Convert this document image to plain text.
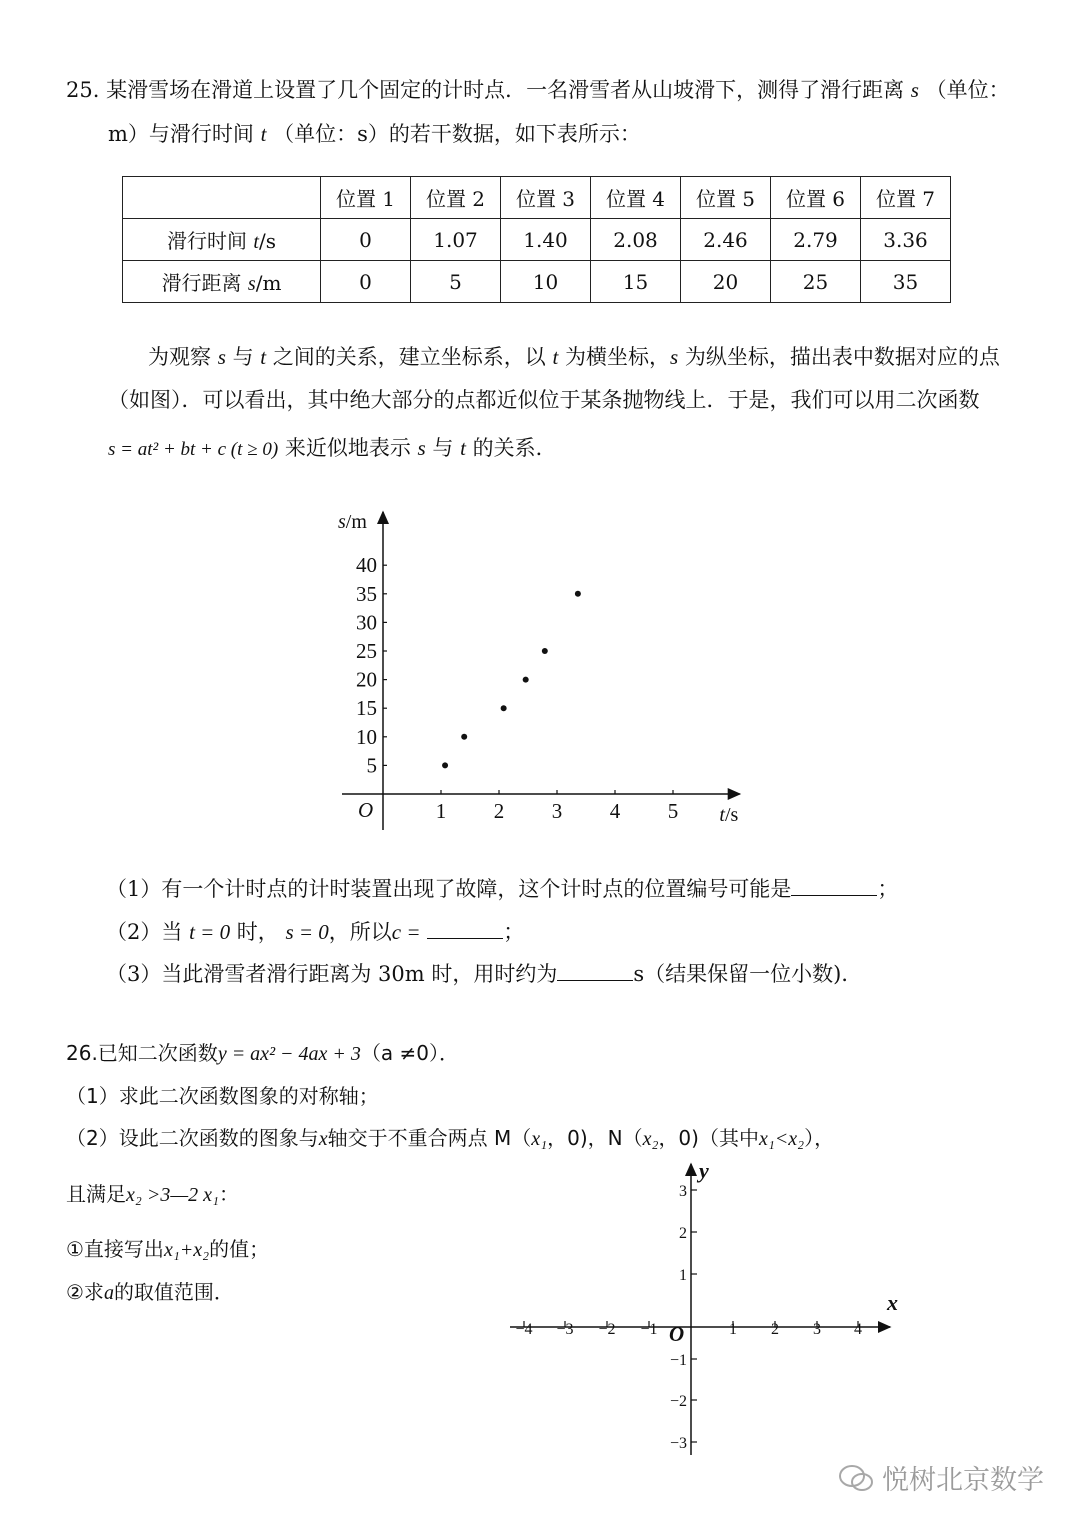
25. 某滑雪场在滑道上设置了几个固定的计时点．一名滑雪者从山坡滑下，测得了滑行距离 s （单位：
m）与滑行时间 t （单位：s）的若干数据，如下表所示：
	位置 1	位置 2	位置 3	位置 4	位置 5	位置 6	位置 7
滑行时间 t/s	0	1.07	1.40	2.08	2.46	2.79	3.36
滑行距离 s/m	0	5	10	15	20	25	35
为观察 s 与 t 之间的关系，建立坐标系，以 t 为横坐标，s 为纵坐标，描出表中数据对应的点
（如图）．可以看出，其中绝大部分的点都近似位于某条抛物线上．于是，我们可以用二次函数
s = at² + bt + c (t ≥ 0) 来近似地表示 s 与 t 的关系．
1 2 3 4 5
5
10
15
20
25
30
35
40
O
s/m
t/s
（1）有一个计时点的计时装置出现了故障，这个计时点的位置编号可能是	；
（2）当 t = 0 时， s = 0，所以c =	；
（3）当此滑雪者滑行距离为 30m 时，用时约为	s（结果保留一位小数)．
26.已知二次函数y = ax² − 4ax + 3（a ≠0）．
（1）求此二次函数图象的对称轴；
（2）设此二次函数的图象与x轴交于不重合两点 M（x₁，0)，N（x₂，0)（其中x₁<x₂），
且满足x₂ >3—2 x₁：
①直接写出x₁+x₂的值；
②求a的取值范围．
−4 −3 −2 −1	1 2 3 4
3
2
1
−1
−2
−3
O
x
y
悦树北京数学
